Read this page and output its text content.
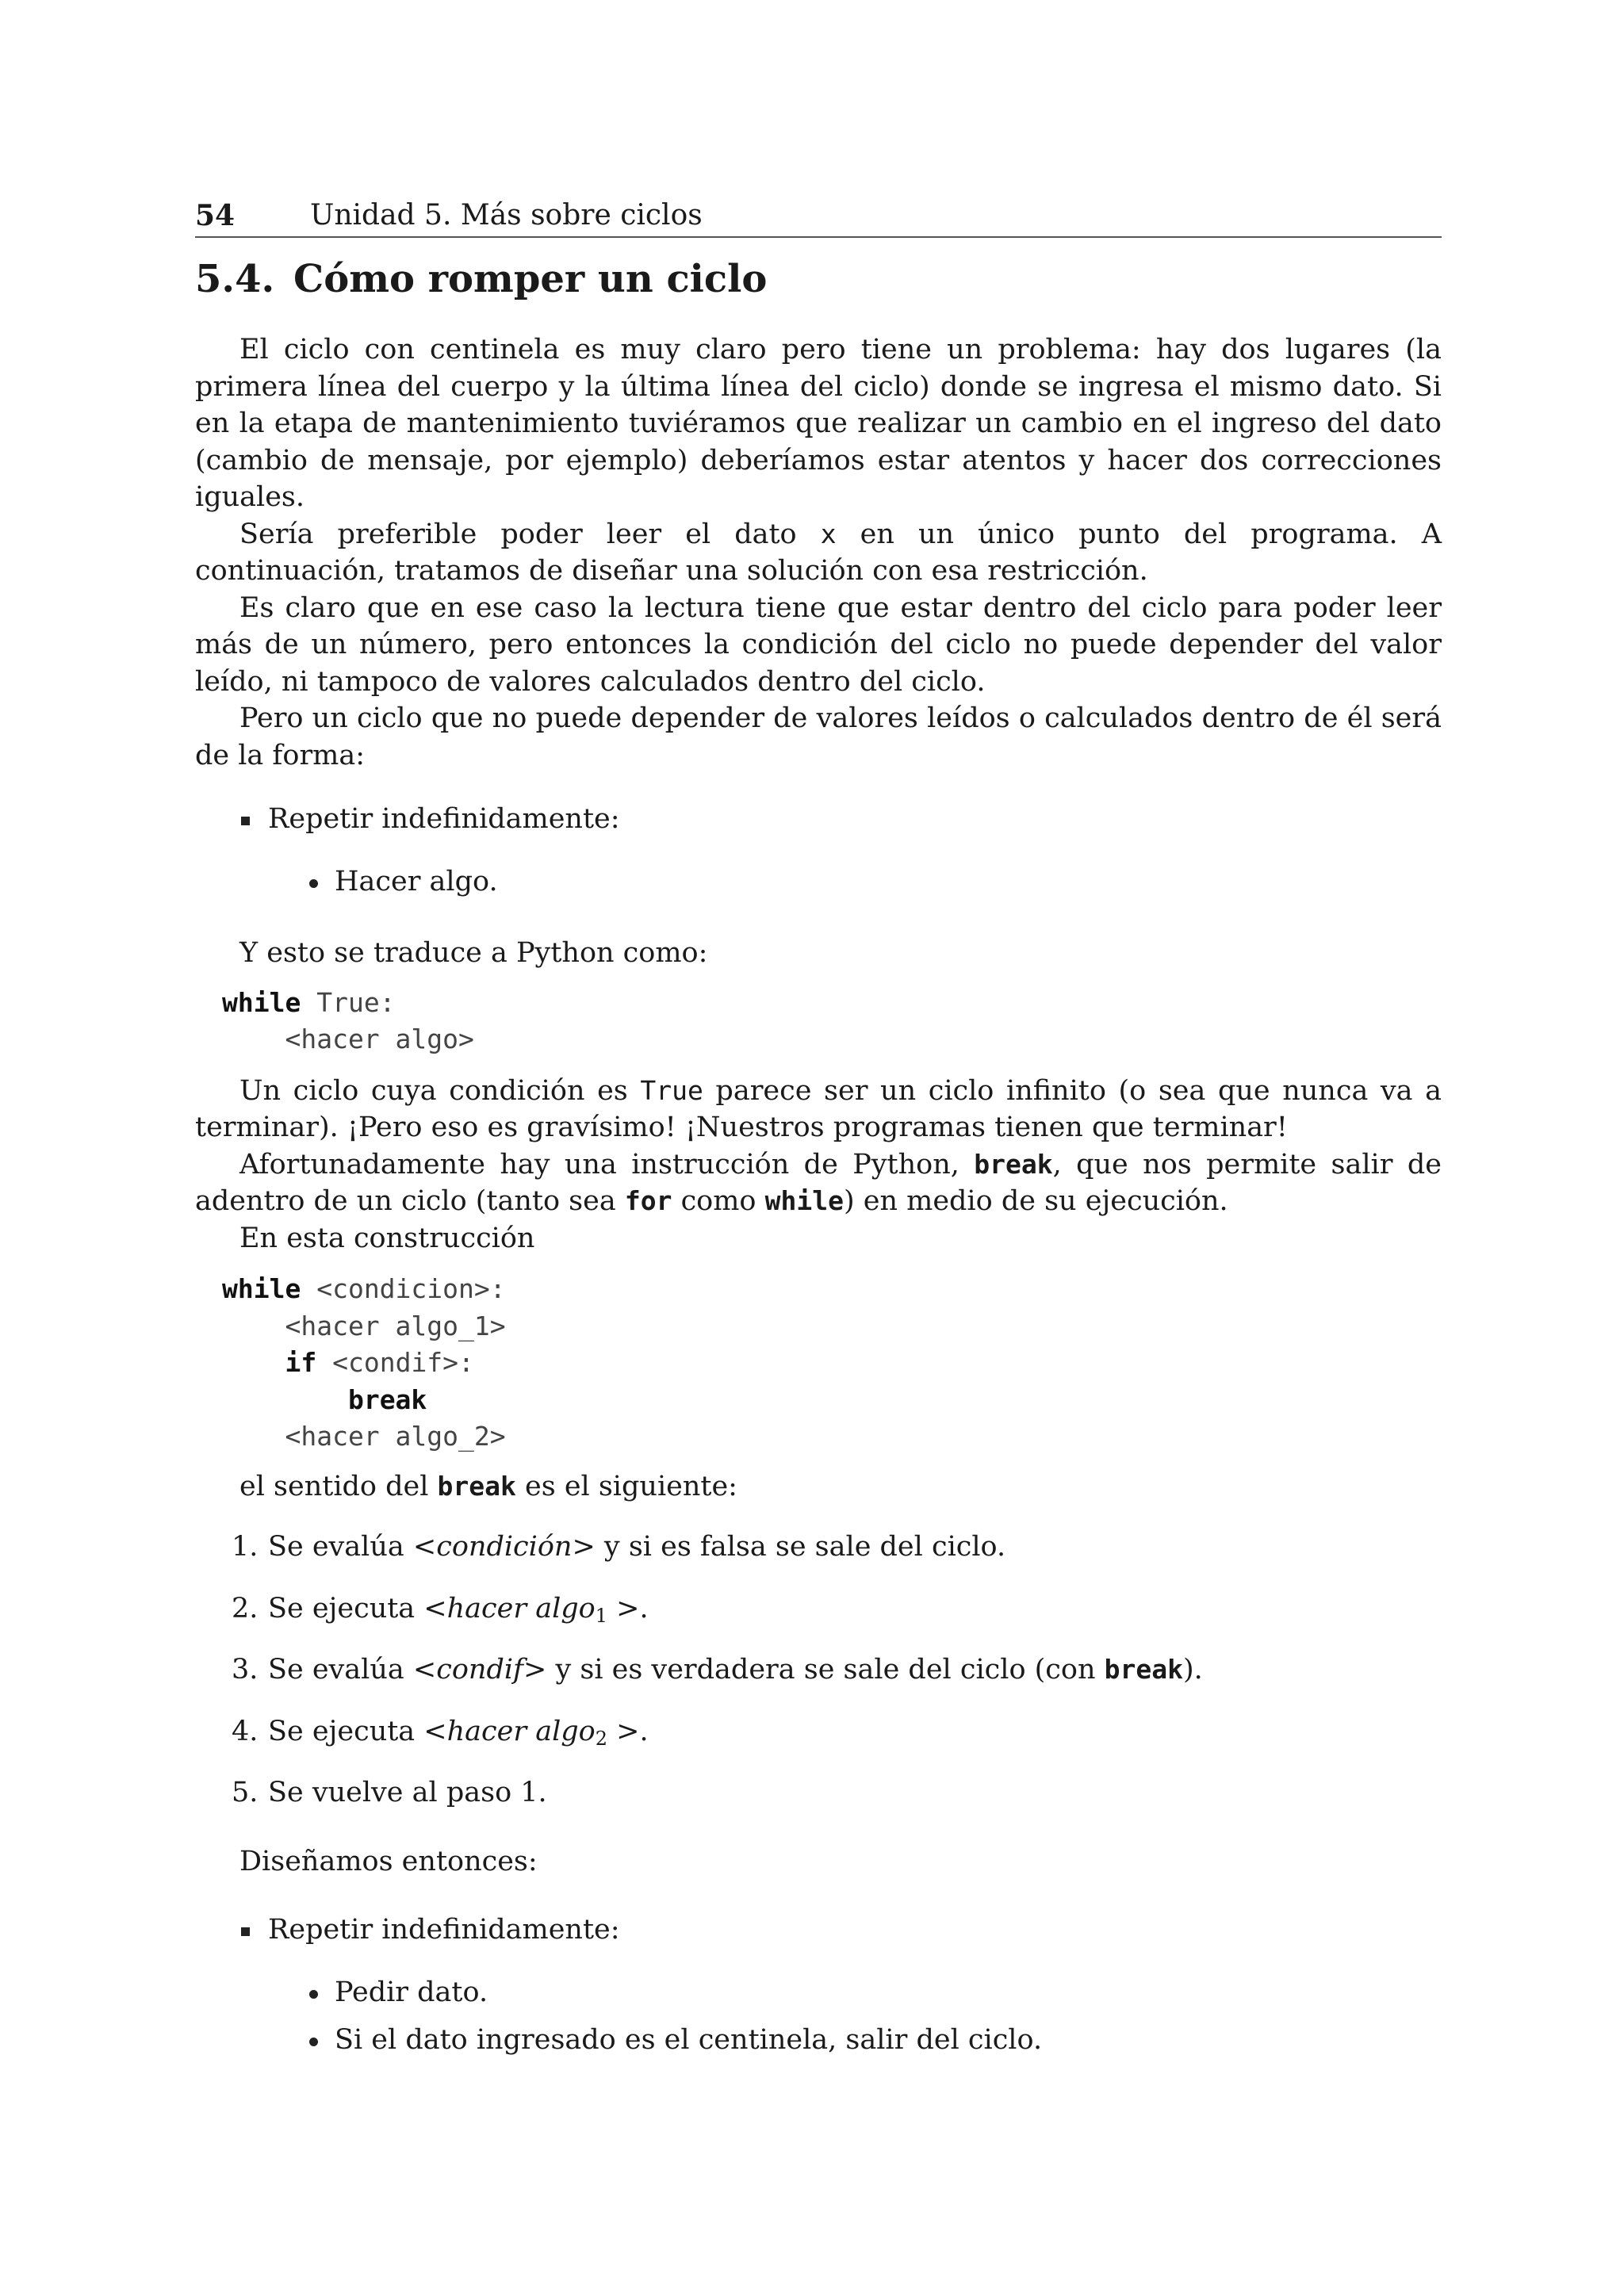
54	Unidad 5. Más sobre ciclos
5.4. Cómo romper un ciclo

El ciclo con centinela es muy claro pero tiene un problema: hay dos lugares (la primera línea del cuerpo y la última línea del ciclo) donde se ingresa el mismo dato. Si en la etapa de mantenimiento tuviéramos que realizar un cambio en el ingreso del dato (cambio de mensaje, por ejemplo) deberíamos estar atentos y hacer dos correcciones iguales.

Sería preferible poder leer el dato x en un único punto del programa. A continuación, tratamos de diseñar una solución con esa restricción.

Es claro que en ese caso la lectura tiene que estar dentro del ciclo para poder leer más de un número, pero entonces la condición del ciclo no puede depender del valor leído, ni tampoco de valores calculados dentro del ciclo.

Pero un ciclo que no puede depender de valores leídos o calculados dentro de él será de la forma:

Repetir indefinidamente:
Hacer algo.

Y esto se traduce a Python como:

while True:
<hacer algo>

Un ciclo cuya condición es True parece ser un ciclo infinito (o sea que nunca va a terminar). ¡Pero eso es gravísimo! ¡Nuestros programas tienen que terminar!

Afortunadamente hay una instrucción de Python, break, que nos permite salir de adentro de un ciclo (tanto sea for como while) en medio de su ejecución.

En esta construcción

while <condicion>:
<hacer algo_1>
if <condif>:
break
<hacer algo_2>

el sentido del break es el siguiente:

1. Se evalúa <condición> y si es falsa se sale del ciclo.
2. Se ejecuta <hacer algo$_1$ >.
3. Se evalúa <condif> y si es verdadera se sale del ciclo (con break).
4. Se ejecuta <hacer algo$_2$ >.
5. Se vuelve al paso 1.

Diseñamos entonces:

Repetir indefinidamente:
Pedir dato.
Si el dato ingresado es el centinela, salir del ciclo.
